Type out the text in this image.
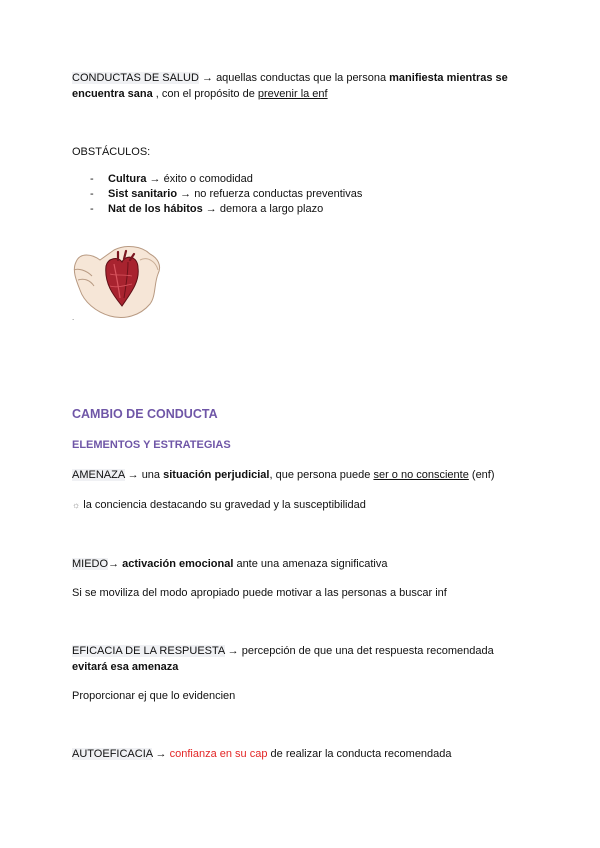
CONDUCTAS DE SALUD → aquellas conductas que la persona manifiesta mientras se encuentra sana , con el propósito de prevenir la enf

OBSTÁCULOS:

- Cultura → éxito o comodidad
- Sist sanitario → no refuerza conductas preventivas
- Nat de los hábitos → demora a largo plazo
.

CAMBIO DE CONDUCTA

ELEMENTOS Y ESTRATEGIAS

AMENAZA → una situación perjudicial, que persona puede ser o no consciente (enf)

☼ la conciencia destacando su gravedad y la susceptibilidad

MIEDO→ activación emocional ante una amenaza significativa

Si se moviliza del modo apropiado puede motivar a las personas a buscar inf

EFICACIA DE LA RESPUESTA → percepción de que una det respuesta recomendada evitará esa amenaza

Proporcionar ej que lo evidencien

AUTOEFICACIA → confianza en su cap de realizar la conducta recomendada
